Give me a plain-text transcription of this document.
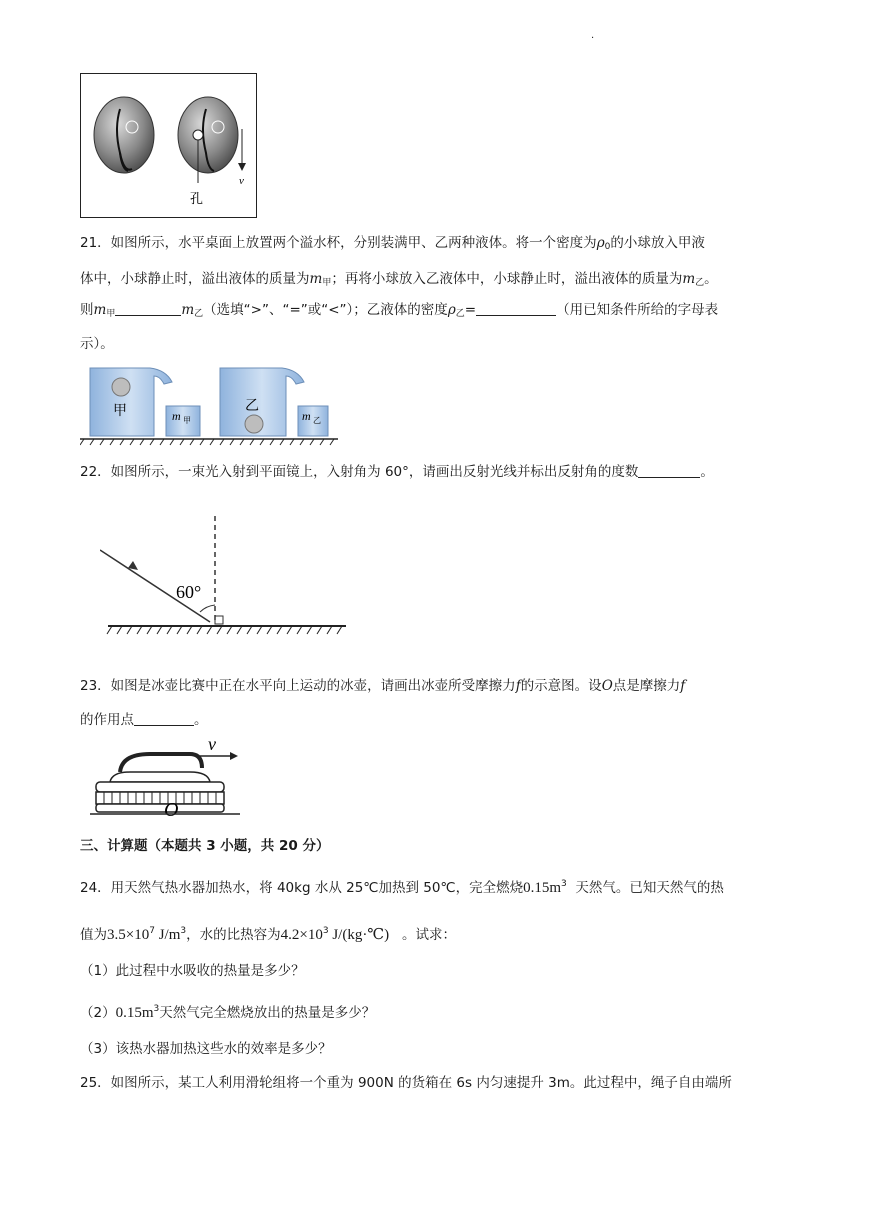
.
v
孔
21．如图所示，水平桌面上放置两个溢水杯，分别装满甲、乙两种液体。将一个密度为$\rho_0$的小球放入甲液
体中，小球静止时，溢出液体的质量为$m_甲$；再将小球放入乙液体中，小球静止时，溢出液体的质量为$m_乙$。
则$m_甲$	$m_乙$（选填“>”、“=”或“<”）；乙液体的密度$\rho_乙=$	（用已知条件所给的字母表
示）。
甲	m 甲
乙
m 乙
22．如图所示，一束光入射到平面镜上，入射角为 60°，请画出反射光线并标出反射角的度数	。
60°
23．如图是冰壶比赛中正在水平向上运动的冰壶，请画出冰壶所受摩擦力f的示意图。设O点是摩擦力f
的作用点	。
v
O
三、计算题（本题共 3 小题，共 20 分）
24．用天然气热水器加热水，将 40kg 水从 25℃加热到 50℃，完全燃烧$0.15m^3$ 天然气。已知天然气的热
值为$3.5\times 10^7$ $J/m^3$，水的比热容为$4.2\times 10^3$ J/(kg·℃) 。试求：
（1）此过程中水吸收的热量是多少？
$(2)0.15m^3$天然气完全燃烧放出的热量是多少？
（3）该热水器加热这些水的效率是多少？
25．如图所示，某工人利用滑轮组将一个重为 900N 的货箱在 6s 内匀速提升 3m。此过程中，绳子自由端所
